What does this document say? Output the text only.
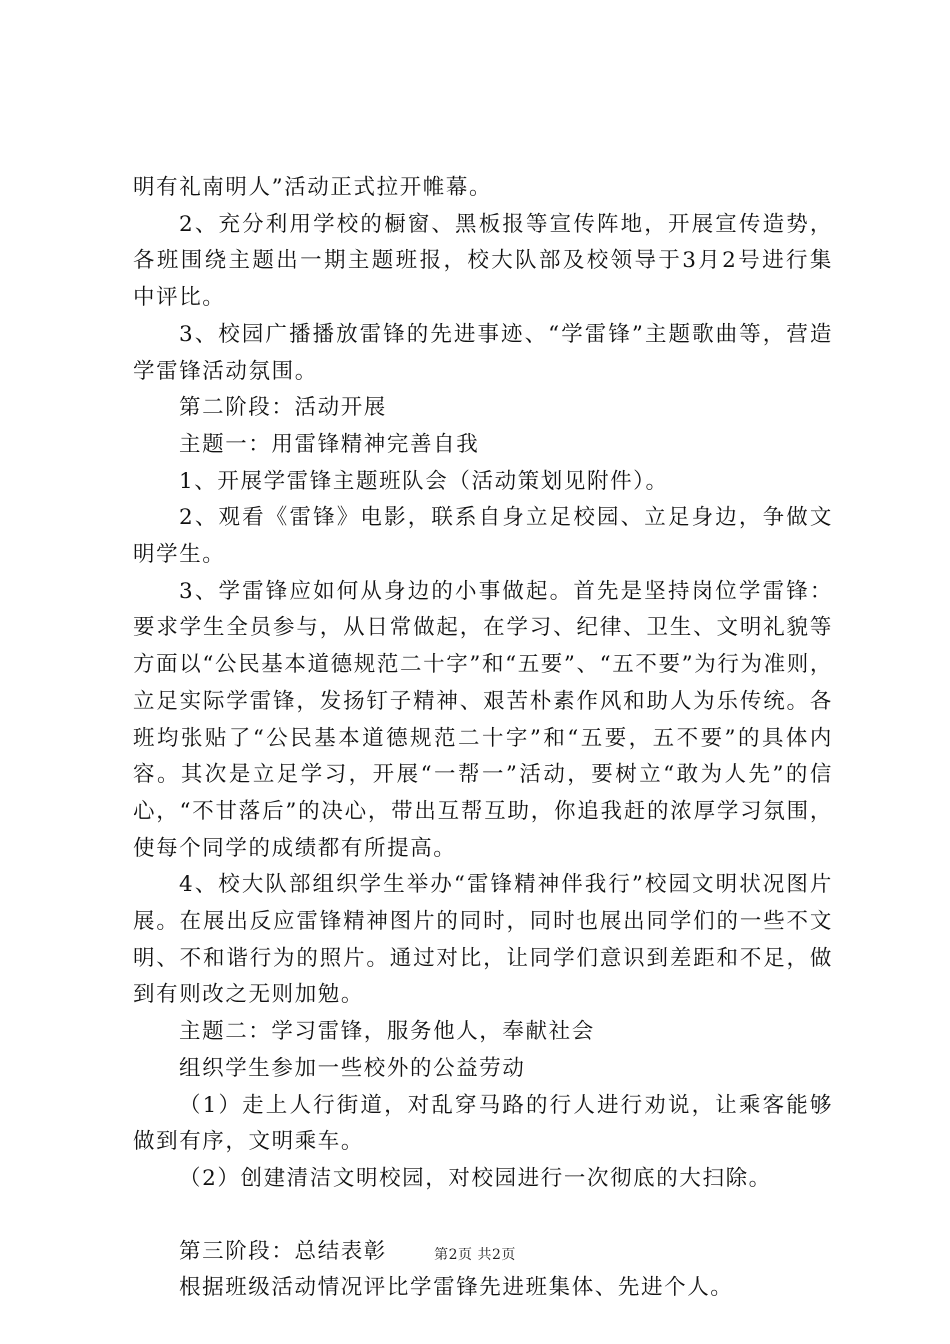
明有礼南明人”活动正式拉开帷幕。

2、充分利用学校的橱窗、黑板报等宣传阵地，开展宣传造势，各班围绕主题出一期主题班报，校大队部及校领导于3月2号进行集中评比。

3、校园广播播放雷锋的先进事迹、“学雷锋”主题歌曲等，营造学雷锋活动氛围。

第二阶段：活动开展

主题一：用雷锋精神完善自我

1、开展学雷锋主题班队会（活动策划见附件）。

2、观看《雷锋》电影，联系自身立足校园、立足身边，争做文明学生。

3、学雷锋应如何从身边的小事做起。首先是坚持岗位学雷锋：要求学生全员参与，从日常做起，在学习、纪律、卫生、文明礼貌等方面以“公民基本道德规范二十字”和“五要”、“五不要”为行为准则，立足实际学雷锋，发扬钉子精神、艰苦朴素作风和助人为乐传统。各班均张贴了“公民基本道德规范二十字”和“五要，五不要”的具体内容。其次是立足学习，开展“一帮一”活动，要树立“敢为人先”的信心，“不甘落后”的决心，带出互帮互助，你追我赶的浓厚学习氛围，使每个同学的成绩都有所提高。

4、校大队部组织学生举办“雷锋精神伴我行”校园文明状况图片展。在展出反应雷锋精神图片的同时，同时也展出同学们的一些不文明、不和谐行为的照片。通过对比，让同学们意识到差距和不足，做到有则改之无则加勉。

主题二：学习雷锋，服务他人，奉献社会

组织学生参加一些校外的公益劳动

（1）走上人行街道，对乱穿马路的行人进行劝说，让乘客能够做到有序，文明乘车。

（2）创建清洁文明校园，对校园进行一次彻底的大扫除。

第三阶段：总结表彰

根据班级活动情况评比学雷锋先进班集体、先进个人。

第2页 共2页
